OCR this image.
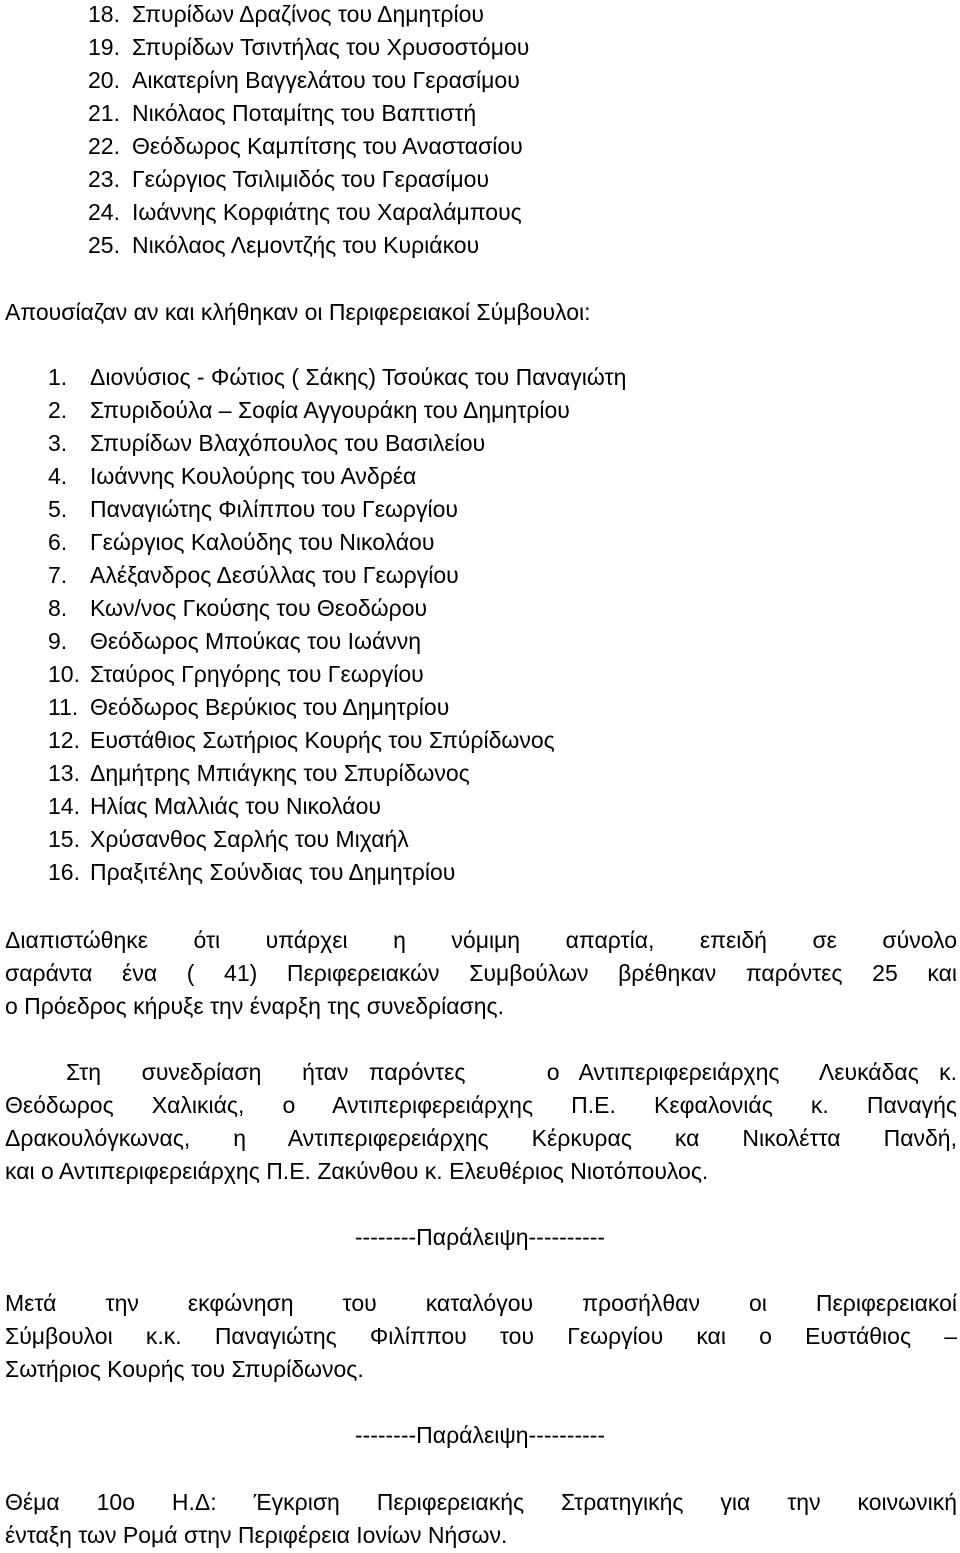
18. Σπυρίδων Δραζίνος του Δημητρίου
19. Σπυρίδων Τσιντήλας του Χρυσοστόμου
20. Αικατερίνη Βαγγελάτου του Γερασίμου
21. Νικόλαος Ποταμίτης του Βαπτιστή
22. Θεόδωρος Καμπίτσης του Αναστασίου
23. Γεώργιος Τσιλιμιδός του Γερασίμου
24. Ιωάννης Κορφιάτης του Χαραλάμπους
25. Νικόλαος Λεμοντζής του Κυριάκου
Απουσίαζαν αν και κλήθηκαν οι Περιφερειακοί Σύμβουλοι:
1. Διονύσιος - Φώτιος ( Σάκης) Τσούκας του Παναγιώτη
2. Σπυριδούλα – Σοφία Αγγουράκη του Δημητρίου
3. Σπυρίδων Βλαχόπουλος του Βασιλείου
4. Ιωάννης Κουλούρης του Ανδρέα
5. Παναγιώτης Φιλίππου του Γεωργίου
6. Γεώργιος Καλούδης του Νικολάου
7. Αλέξανδρος Δεσύλλας του Γεωργίου
8. Κων/νος Γκούσης του Θεοδώρου
9. Θεόδωρος Μπούκας του Ιωάννη
10. Σταύρος Γρηγόρης του Γεωργίου
11. Θεόδωρος Βερύκιος του Δημητρίου
12. Ευστάθιος Σωτήριος Κουρής του Σπύρίδωνος
13. Δημήτρης Μπιάγκης του Σπυρίδωνος
14. Ηλίας Μαλλιάς του Νικολάου
15. Χρύσανθος Σαρλής του Μιχαήλ
16. Πραξιτέλης Σούνδιας του Δημητρίου
Διαπιστώθηκε ότι υπάρχει η νόμιμη απαρτία, επειδή σε σύνολο
σαράντα ένα ( 41) Περιφερειακών Συμβούλων βρέθηκαν παρόντες 25 και
ο Πρόεδρος κήρυξε την έναρξη της συνεδρίασης.
Στη  συνεδρίαση  ήταν παρόντες    ο Αντιπεριφερειάρχης  Λευκάδας κ.
Θεόδωρος Χαλικιάς, ο Αντιπεριφερειάρχης Π.Ε. Κεφαλονιάς κ. Παναγής
Δρακουλόγκωνας, η Αντιπεριφερειάρχης Κέρκυρας κα Νικολέττα Πανδή,
και ο Αντιπεριφερειάρχης Π.Ε. Ζακύνθου κ. Ελευθέριος Νιοτόπουλος.
--------Παράλειψη----------
Μετά την εκφώνηση του καταλόγου προσήλθαν οι Περιφερειακοί
Σύμβουλοι κ.κ. Παναγιώτης Φιλίππου του Γεωργίου και ο Ευστάθιος –
Σωτήριος Κουρής του Σπυρίδωνος.
--------Παράλειψη----------
Θέμα 10ο Η.Δ: Έγκριση Περιφερειακής Στρατηγικής για την κοινωνική
ένταξη των Ρομά στην Περιφέρεια Ιονίων Νήσων.
